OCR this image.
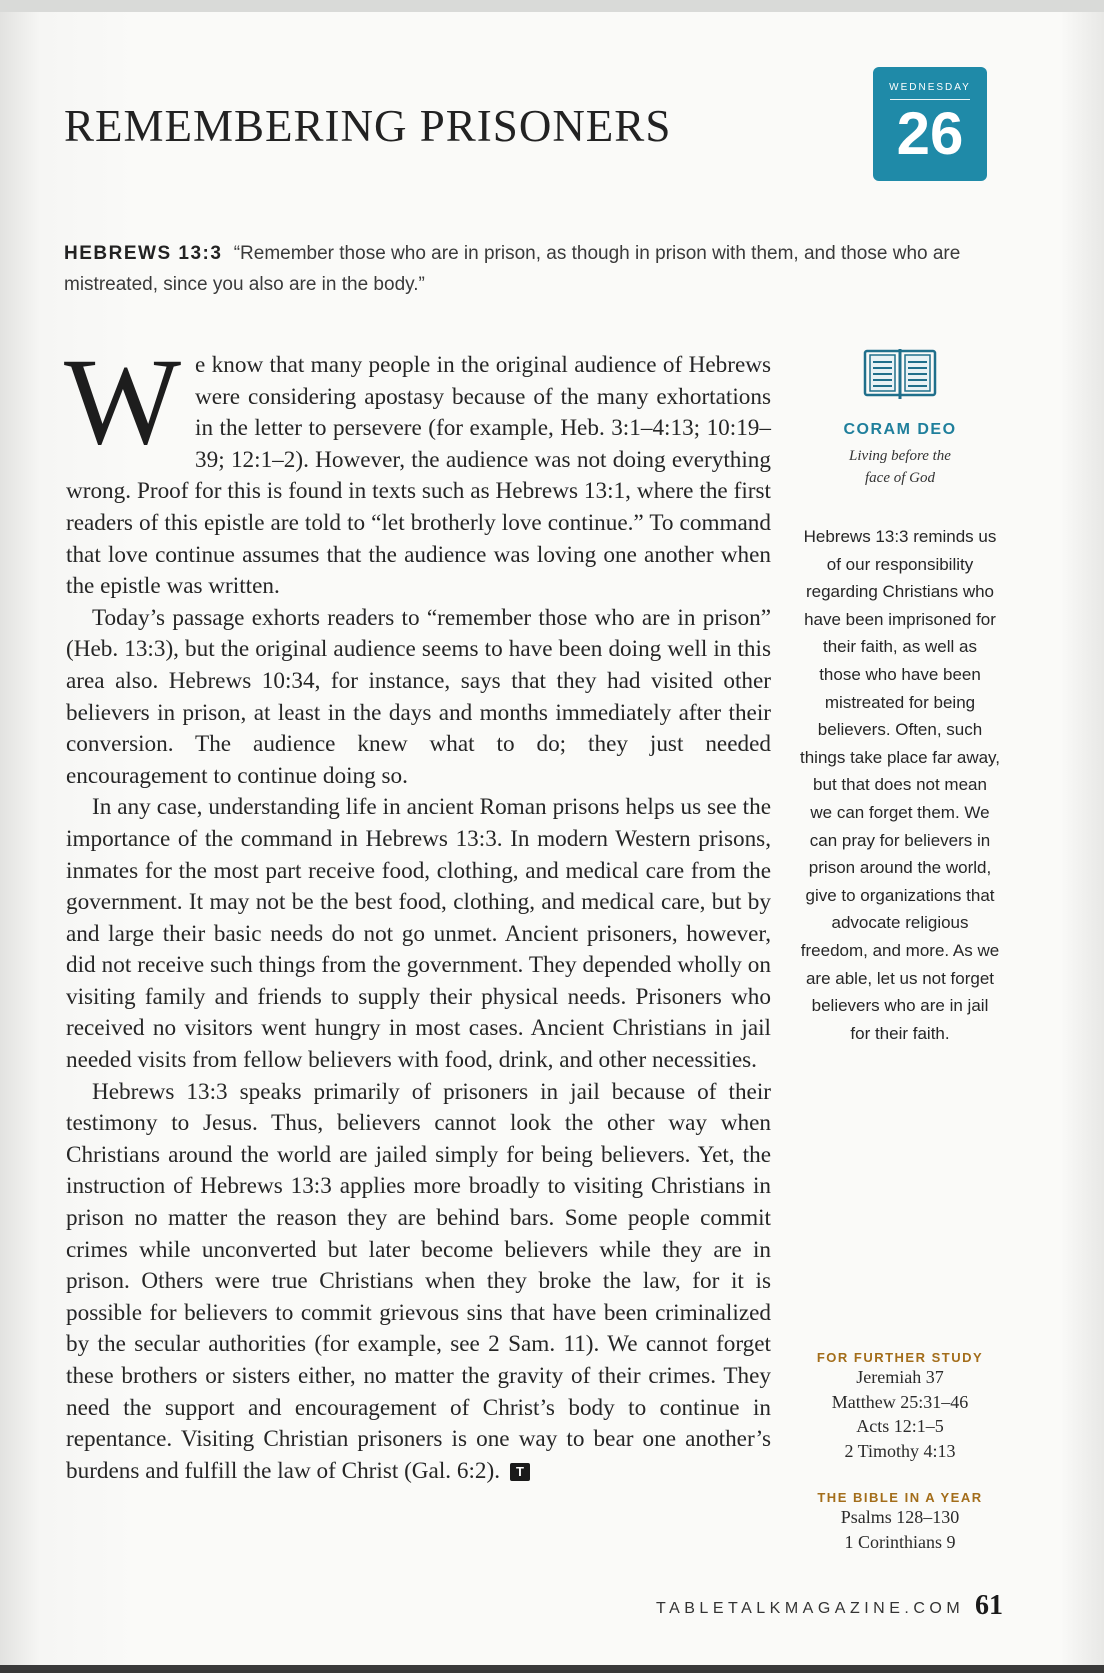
REMEMBERING PRISONERS
WEDNESDAY
26

HEBREWS 13:3 “Remember those who are in prison, as though in prison with them, and those who are mistreated, since you also are in the body.”

We know that many people in the original audience of Hebrews were considering apostasy because of the many exhortations in the letter to persevere (for example, Heb. 3:1–4:13; 10:19–39; 12:1–2). However, the audience was not doing everything wrong. Proof for this is found in texts such as Hebrews 13:1, where the first readers of this epistle are told to “let brotherly love continue.” To command that love continue assumes that the audience was loving one another when the epistle was written.

Today’s passage exhorts readers to “remember those who are in prison” (Heb. 13:3), but the original audience seems to have been doing well in this area also. Hebrews 10:34, for instance, says that they had visited other believers in prison, at least in the days and months immediately after their conversion. The audience knew what to do; they just needed encouragement to continue doing so.

In any case, understanding life in ancient Roman prisons helps us see the importance of the command in Hebrews 13:3. In modern Western prisons, inmates for the most part receive food, clothing, and medical care from the government. It may not be the best food, clothing, and medical care, but by and large their basic needs do not go unmet. Ancient prisoners, however, did not receive such things from the government. They depended wholly on visiting family and friends to supply their physical needs. Prisoners who received no visitors went hungry in most cases. Ancient Christians in jail needed visits from fellow believers with food, drink, and other necessities.

Hebrews 13:3 speaks primarily of prisoners in jail because of their testimony to Jesus. Thus, believers cannot look the other way when Christians around the world are jailed simply for being believers. Yet, the instruction of Hebrews 13:3 applies more broadly to visiting Christians in prison no matter the reason they are behind bars. Some people commit crimes while unconverted but later become believers while they are in prison. Others were true Christians when they broke the law, for it is possible for believers to commit grievous sins that have been criminalized by the secular authorities (for example, see 2 Sam. 11). We cannot forget these brothers or sisters either, no matter the gravity of their crimes. They need the support and encouragement of Christ’s body to continue in repentance. Visiting Christian prisoners is one way to bear one another’s burdens and fulfill the law of Christ (Gal. 6:2). T

CORAM DEO
Living before the face of God
Hebrews 13:3 reminds us of our responsibility regarding Christians who have been imprisoned for their faith, as well as those who have been mistreated for being believers. Often, such things take place far away, but that does not mean we can forget them. We can pray for believers in prison around the world, give to organizations that advocate religious freedom, and more. As we are able, let us not forget believers who are in jail for their faith.
FOR FURTHER STUDY
Jeremiah 37
Matthew 25:31–46
Acts 12:1–5
2 Timothy 4:13
THE BIBLE IN A YEAR
Psalms 128–130
1 Corinthians 9
TABLETALKMAGAZINE.COM 61
